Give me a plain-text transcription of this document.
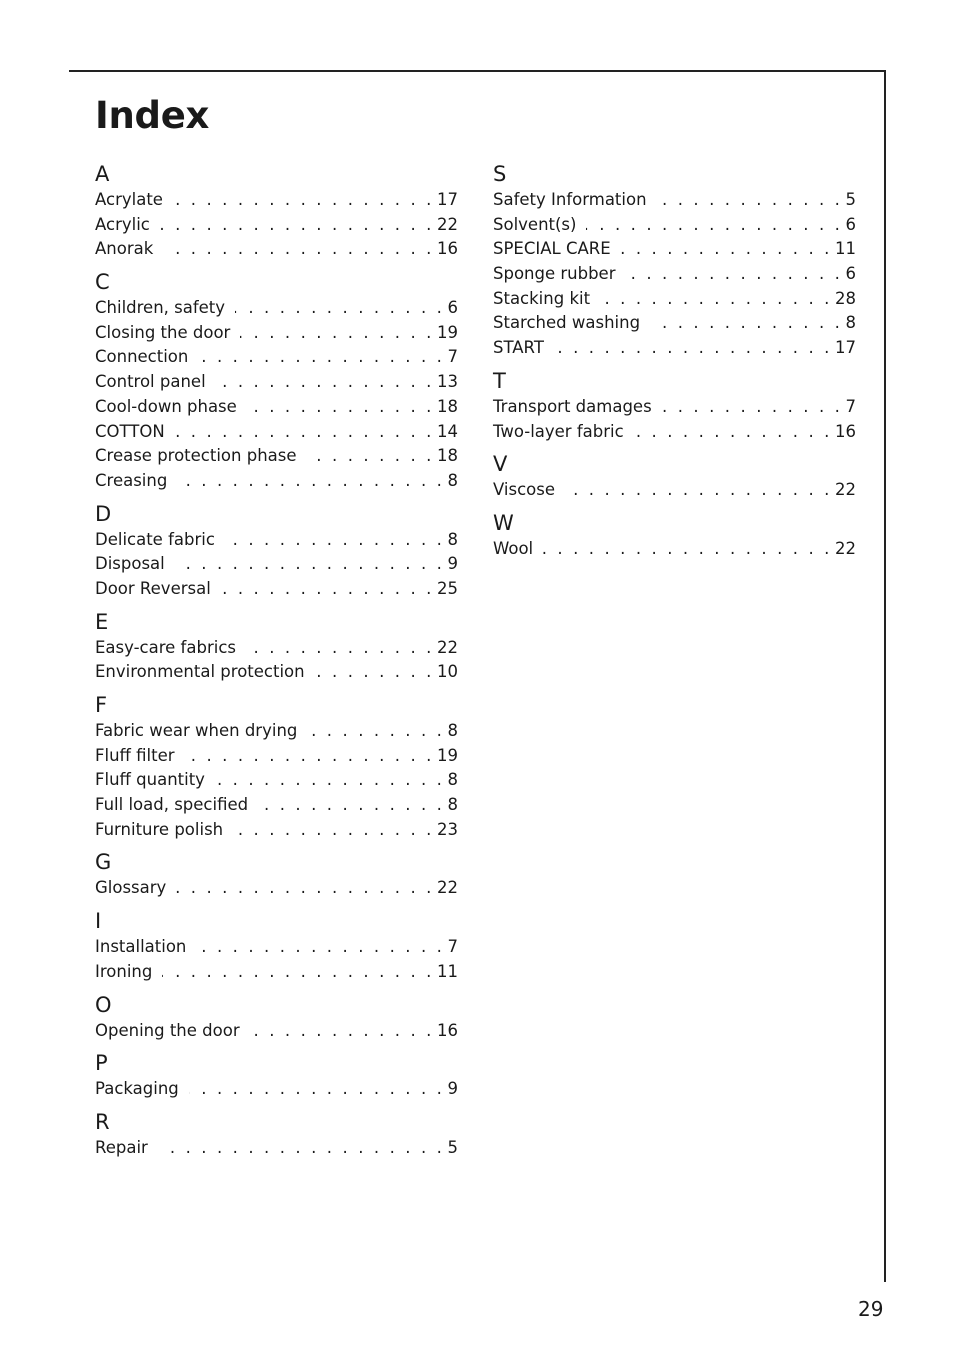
Index
A
Acrylate . . .	17
Acrylic . . .	22
Anorak . . .	16
C
Children, safety . . .	6
Closing the door . . .	19
Connection . . .	7
Control panel . . .	13
Cool-down phase . . .	18
COTTON . . .	14
Crease protection phase . . .	18
Creasing . . .	8
D
Delicate fabric . . .	8
Disposal . . .	9
Door Reversal . . .	25
E
Easy-care fabrics . . .	22
Environmental protection . . .	10
F
Fabric wear when drying . . .	8
Fluff filter . . .	19
Fluff quantity . . .	8
Full load, specified . . .	8
Furniture polish . . .	23
G
Glossary . . .	22
I
Installation . . .	7
Ironing . . .	11
O
Opening the door . . .	16
P
Packaging . . .	9
R
Repair . . .	5
S
Safety Information . . .	5
Solvent(s) . . .	6
SPECIAL CARE . . .	11
Sponge rubber . . .	6
Stacking kit . . .	28
Starched washing . . .	8
START . . .	17
T
Transport damages . . .	7
Two-layer fabric . . .	16
V
Viscose . . .	22
W
Wool . . .	22
29
